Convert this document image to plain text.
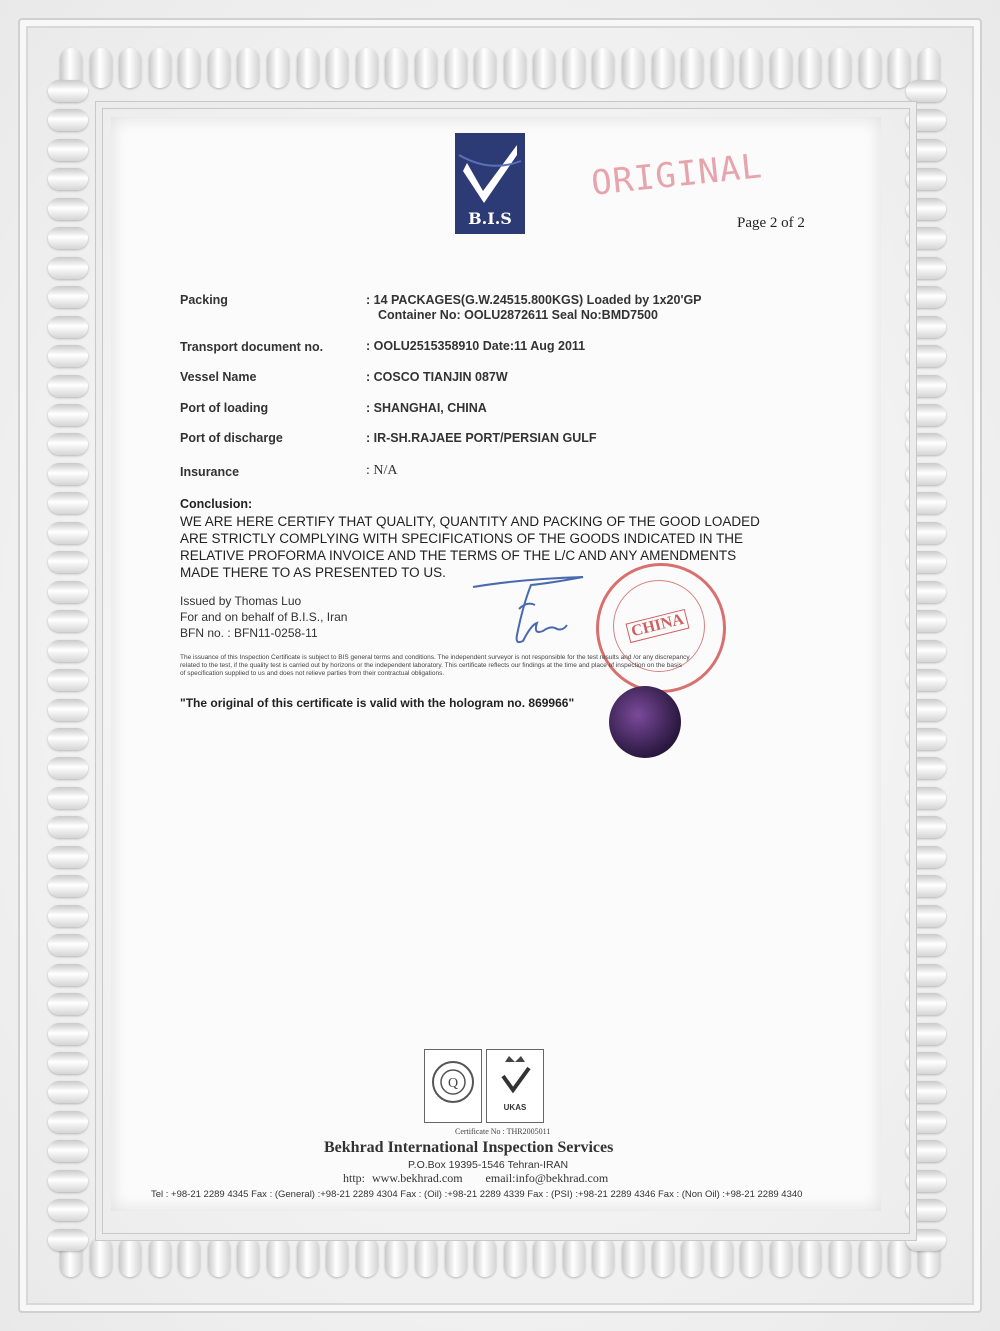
B.I.S
ORIGINAL
Page 2 of 2
Packing	: 14 PACKAGES(G.W.24515.800KGS) Loaded by 1x20'GP
Container No: OOLU2872611 Seal No:BMD7500
Transport document no.	: OOLU2515358910 Date:11 Aug 2011
Vessel Name	: COSCO TIANJIN 087W
Port of loading	: SHANGHAI, CHINA
Port of discharge	: IR-SH.RAJAEE PORT/PERSIAN GULF
Insurance	: N/A
Conclusion:
WE ARE HERE CERTIFY THAT QUALITY, QUANTITY AND PACKING OF THE GOOD LOADED
ARE STRICTLY COMPLYING WITH SPECIFICATIONS OF THE GOODS INDICATED IN THE
RELATIVE PROFORMA INVOICE AND THE TERMS OF THE L/C AND ANY AMENDMENTS
MADE THERE TO AS PRESENTED TO US.
Issued by Thomas Luo
For and on behalf of B.I.S., Iran
BFN no. : BFN11-0258-11	CHINA
The issuance of this Inspection Certificate is subject to BIS general terms and conditions. The independent surveyor is not responsible for the test results and /or any discrepancy
related to the test, if the quality test is carried out by horizons or the independent laboratory. This certificate reflects our findings at the time and place of inspection on the basis
of specification supplied to us and does not relieve parties from their contractual obligations.
"The original of this certificate is valid with the hologram no. 869966"
Q
UKAS
Certificate No : THR2005011
Bekhrad International Inspection Services
P.O.Box 19395-1546 Tehran-IRAN
http: www.bekhrad.com email:info@bekhrad.com
Tel : +98-21 2289 4345 Fax : (General) :+98-21 2289 4304 Fax : (Oil) :+98-21 2289 4339 Fax : (PSI) :+98-21 2289 4346 Fax : (Non Oil) :+98-21 2289 4340
